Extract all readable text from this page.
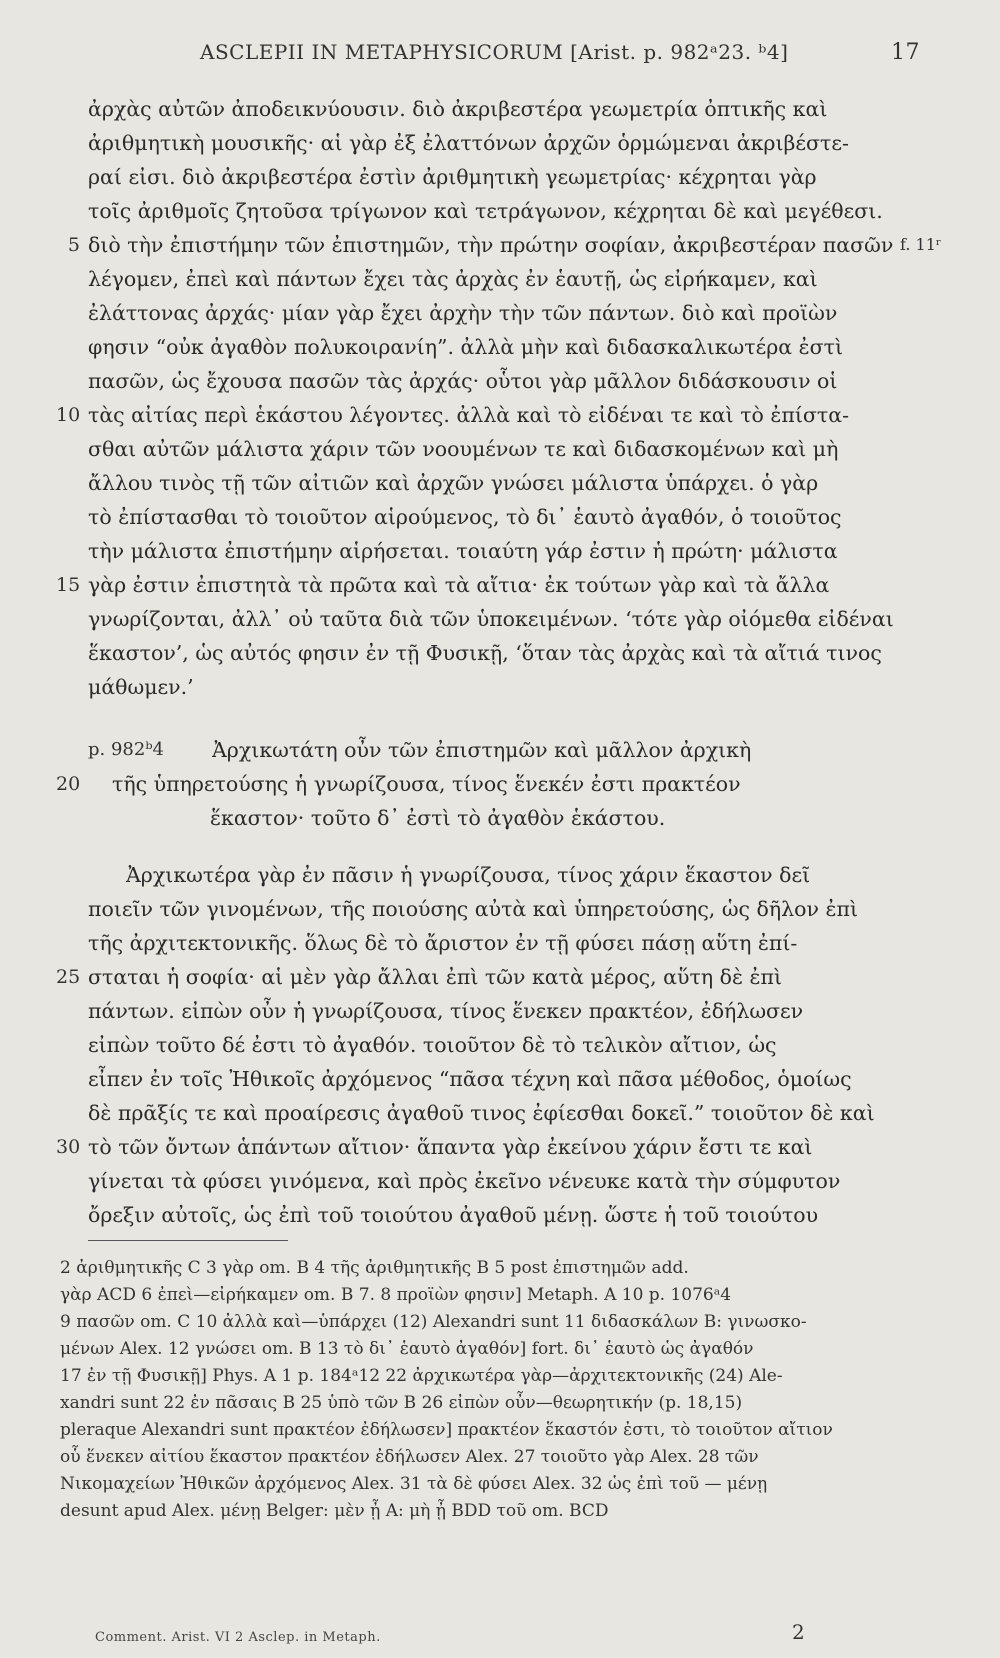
ASCLEPII IN METAPHYSICORUM [Arist. p. 982ᵃ23. ᵇ4]	17
ἀρχὰς αὐτῶν ἀποδεικνύουσιν. διὸ ἀκριβεστέρα γεωμετρία ὀπτικῆς καὶ
ἀριθμητικὴ μουσικῆς· αἱ γὰρ ἐξ ἐλαττόνων ἀρχῶν ὁρμώμεναι ἀκριβέστε-
ραί εἰσι. διὸ ἀκριβεστέρα ἐστὶν ἀριθμητικὴ γεωμετρίας· κέχρηται γὰρ
τοῖς ἀριθμοῖς ζητοῦσα τρίγωνον καὶ τετράγωνον, κέχρηται δὲ καὶ μεγέθεσι.
5 διὸ τὴν ἐπιστήμην τῶν ἐπιστημῶν, τὴν πρώτην σοφίαν, ἀκριβεστέραν πασῶν f. 11ʳ
λέγομεν, ἐπεὶ καὶ πάντων ἔχει τὰς ἀρχὰς ἐν ἑαυτῇ, ὡς εἰρήκαμεν, καὶ
ἐλάττονας ἀρχάς· μίαν γὰρ ἔχει ἀρχὴν τὴν τῶν πάντων. διὸ καὶ προϊὼν
φησιν “οὐκ ἀγαθὸν πολυκοιρανίη”. ἀλλὰ μὴν καὶ διδασκαλικωτέρα ἐστὶ
πασῶν, ὡς ἔχουσα πασῶν τὰς ἀρχάς· οὗτοι γὰρ μᾶλλον διδάσκουσιν οἱ
10 τὰς αἰτίας περὶ ἑκάστου λέγοντες. ἀλλὰ καὶ τὸ εἰδέναι τε καὶ τὸ ἐπίστα-
σθαι αὐτῶν μάλιστα χάριν τῶν νοουμένων τε καὶ διδασκομένων καὶ μὴ
ἄλλου τινὸς τῇ τῶν αἰτιῶν καὶ ἀρχῶν γνώσει μάλιστα ὑπάρχει. ὁ γὰρ
τὸ ἐπίστασθαι τὸ τοιοῦτον αἱρούμενος, τὸ δι᾽ ἑαυτὸ ἀγαθόν, ὁ τοιοῦτος
τὴν μάλιστα ἐπιστήμην αἱρήσεται. τοιαύτη γάρ ἐστιν ἡ πρώτη· μάλιστα
15 γὰρ ἐστιν ἐπιστητὰ τὰ πρῶτα καὶ τὰ αἴτια· ἐκ τούτων γὰρ καὶ τὰ ἄλλα
γνωρίζονται, ἀλλ᾽ οὐ ταῦτα διὰ τῶν ὑποκειμένων. ‘τότε γὰρ οἰόμεθα εἰδέναι
ἕκαστον’, ὡς αὐτός φησιν ἐν τῇ Φυσικῇ, ‘ὅταν τὰς ἀρχὰς καὶ τὰ αἴτιά τινος
μάθωμεν.’
p. 982ᵇ4 Ἀρχικωτάτη οὖν τῶν ἐπιστημῶν καὶ μᾶλλον ἀρχικὴ
20 τῆς ὑπηρετούσης ἡ γνωρίζουσα, τίνος ἕνεκέν ἐστι πρακτέον
ἕκαστον· τοῦτο δ᾽ ἐστὶ τὸ ἀγαθὸν ἑκάστου.
Ἀρχικωτέρα γὰρ ἐν πᾶσιν ἡ γνωρίζουσα, τίνος χάριν ἕκαστον δεῖ
ποιεῖν τῶν γινομένων, τῆς ποιούσης αὐτὰ καὶ ὑπηρετούσης, ὡς δῆλον ἐπὶ
τῆς ἀρχιτεκτονικῆς. ὅλως δὲ τὸ ἄριστον ἐν τῇ φύσει πάσῃ αὕτη ἐπί-
25 σταται ἡ σοφία· αἱ μὲν γὰρ ἄλλαι ἐπὶ τῶν κατὰ μέρος, αὕτη δὲ ἐπὶ
πάντων. εἰπὼν οὖν ἡ γνωρίζουσα, τίνος ἕνεκεν πρακτέον, ἐδήλωσεν
εἰπὼν τοῦτο δέ ἐστι τὸ ἀγαθόν. τοιοῦτον δὲ τὸ τελικὸν αἴτιον, ὡς
εἶπεν ἐν τοῖς Ἠθικοῖς ἀρχόμενος “πᾶσα τέχνη καὶ πᾶσα μέθοδος, ὁμοίως
δὲ πρᾶξίς τε καὶ προαίρεσις ἀγαθοῦ τινος ἐφίεσθαι δοκεῖ.” τοιοῦτον δὲ καὶ
30 τὸ τῶν ὄντων ἁπάντων αἴτιον· ἅπαντα γὰρ ἐκείνου χάριν ἔστι τε καὶ
γίνεται τὰ φύσει γινόμενα, καὶ πρὸς ἐκεῖνο νένευκε κατὰ τὴν σύμφυτον
ὄρεξιν αὐτοῖς, ὡς ἐπὶ τοῦ τοιούτου ἀγαθοῦ μένῃ. ὥστε ἡ τοῦ τοιούτου
2 ἀριθμητικῆς C 3 γὰρ om. B 4 τῆς ἀριθμητικῆς B 5 post ἐπιστημῶν add.
γὰρ ACD 6 ἐπεὶ—εἰρήκαμεν om. B 7. 8 προϊὼν φησιν] Metaph. A 10 p. 1076ᵃ4
9 πασῶν om. C 10 ἀλλὰ καὶ—ὑπάρχει (12) Alexandri sunt 11 διδασκάλων B: γινωσκο-
μένων Alex. 12 γνώσει om. B 13 τὸ δι᾽ ἑαυτὸ ἀγαθόν] fort. δι᾽ ἑαυτὸ ὡς ἀγαθόν
17 ἐν τῇ Φυσικῇ] Phys. A 1 p. 184ᵃ12 22 ἀρχικωτέρα γὰρ—ἀρχιτεκτονικῆς (24) Ale-
xandri sunt 22 ἐν πᾶσαις B 25 ὑπὸ τῶν B 26 εἰπὼν οὖν—θεωρητικήν (p. 18,15)
pleraque Alexandri sunt πρακτέον ἐδήλωσεν] πρακτέον ἕκαστόν ἐστι, τὸ τοιοῦτον αἴτιον
οὗ ἕνεκεν αἰτίου ἕκαστον πρακτέον ἐδήλωσεν Alex. 27 τοιοῦτο γὰρ Alex. 28 τῶν
Νικομαχείων Ἠθικῶν ἀρχόμενος Alex. 31 τὰ δὲ φύσει Alex. 32 ὡς ἐπὶ τοῦ — μένῃ
desunt apud Alex. μένῃ Belger: μὲν ᾖ A: μὴ ᾖ BDD τοῦ om. BCD
Comment. Arist. VI 2 Asclep. in Metaph.	2
